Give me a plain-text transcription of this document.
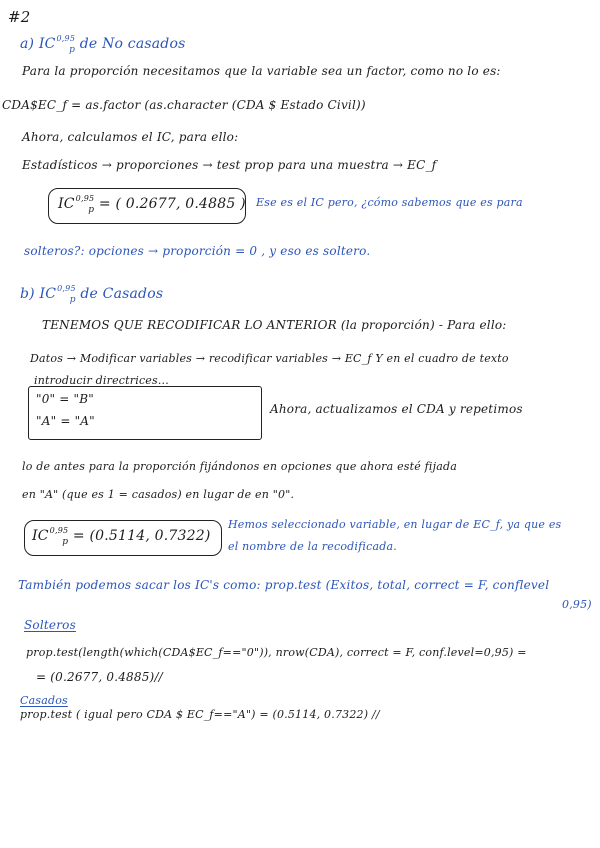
#2
a) IC$^{0,95}_p$ de No casados
Para la proporción necesitamos que la variable sea un factor, como no lo es:
CDA$EC_f = as.factor (as.character (CDA $ Estado Civil))
Ahora, calculamos el IC, para ello:
Estadísticos → proporciones → test prop para una muestra → EC_f
IC$^{0,95}_p$ = ( 0.2677, 0.4885 ) Ese es el IC pero, ¿cómo sabemos que es para
solteros?: opciones → proporción = 0 , y eso es soltero.
b) IC$^{0,95}_p$ de Casados
TENEMOS QUE RECODIFICAR LO ANTERIOR (la proporción) - Para ello:
Datos → Modificar variables → recodificar variables → EC_f Y en el cuadro de texto
introducir directrices...
"0" = "B"
"A" = "A"
Ahora, actualizamos el CDA y repetimos
lo de antes para la proporción fijándonos en opciones que ahora esté fijada
en "A" (que es 1 = casados) en lugar de en "0".
IC$^{0,95}_p$ = (0.5114, 0.7322)
Hemos seleccionado variable, en lugar de EC_f, ya que es
el nombre de la recodificada.
También podemos sacar los IC's como: prop.test (Exitos, total, correct = F, conflevel
0,95)
Solteros
prop.test(length(which(CDA$EC_f=="0")), nrow(CDA), correct = F, conf.level=0,95) =
= (0.2677, 0.4885)//
Casados
prop.test ( igual pero CDA $ EC_f=="A") = (0.5114, 0.7322) //
